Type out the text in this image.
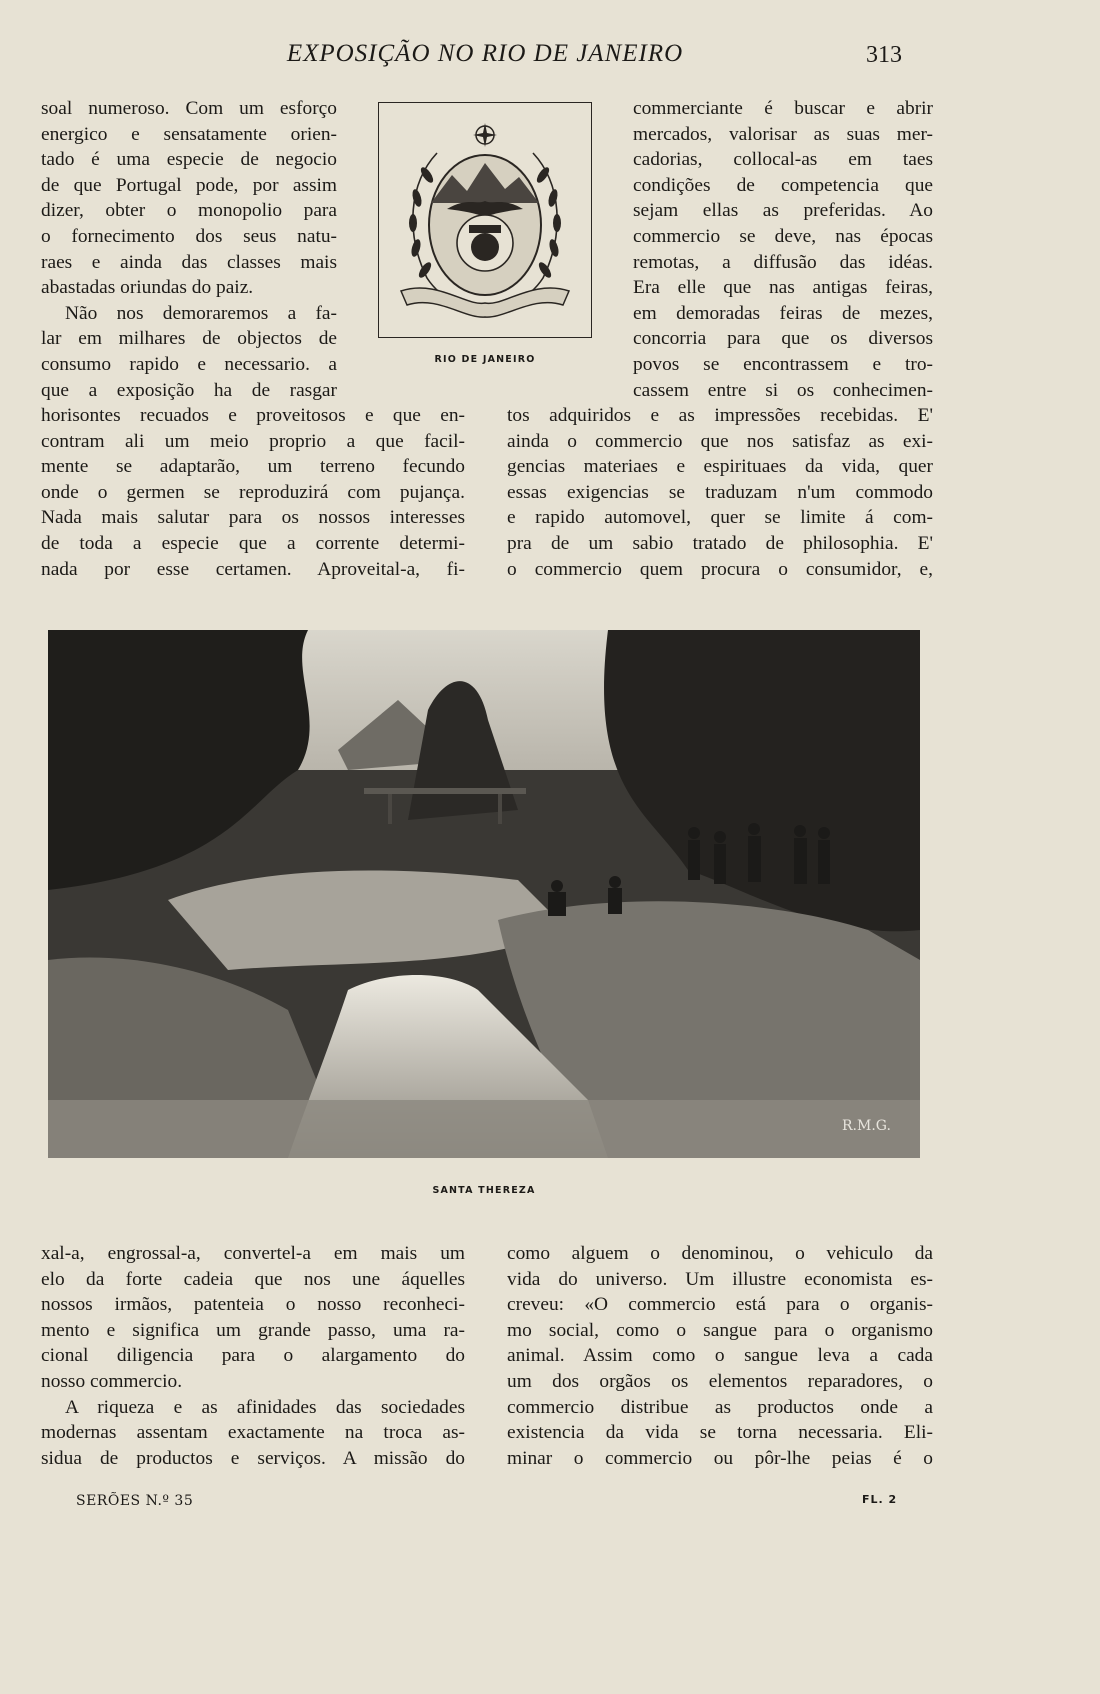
EXPOSIÇÃO NO RIO DE JANEIRO	313
soal numeroso. Com um esforço
energico e sensatamente orien-
tado é uma especie de negocio
de que Portugal pode, por assim
dizer, obter o monopolio para
o fornecimento dos seus natu-
raes e ainda das classes mais
abastadas oriundas do paiz.
Não nos demoraremos a fa-
lar em milhares de objectos de
consumo rapido e necessario. a
que a exposição ha de rasgar
horisontes recuados e proveitosos e que en-
contram ali um meio proprio a que facil-
mente se adaptarão, um terreno fecundo
onde o germen se reproduzirá com pujança.
Nada mais salutar para os nossos interesses
de toda a especie que a corrente determi-
nada por esse certamen. Aproveital-a, fi-
commerciante é buscar e abrir
mercados, valorisar as suas mer-
cadorias, collocal-as em taes
condições de competencia que
sejam ellas as preferidas. Ao
commercio se deve, nas épocas
remotas, a diffusão das idéas.
Era elle que nas antigas feiras,
em demoradas feiras de mezes,
concorria para que os diversos
povos se encontrassem e tro-
cassem entre si os conhecimen-
tos adquiridos e as impressões recebidas. E'
ainda o commercio que nos satisfaz as exi-
gencias materiaes e espirituaes da vida, quer
essas exigencias se traduzam n'um commodo
e rapido automovel, quer se limite á com-
pra de um sabio tratado de philosophia. E'
o commercio quem procura o consumidor, e,
RIO DE JANEIRO
R.M.G.
SANTA THEREZA
xal-a, engrossal-a, convertel-a em mais um
elo da forte cadeia que nos une áquelles
nossos irmãos, patenteia o nosso reconheci-
mento e significa um grande passo, uma ra-
cional diligencia para o alargamento do
nosso commercio.
A riqueza e as afinidades das sociedades
modernas assentam exactamente na troca as-
sidua de productos e serviços. A missão do
como alguem o denominou, o vehiculo da
vida do universo. Um illustre economista es-
creveu: «O commercio está para o organis-
mo social, como o sangue para o organismo
animal. Assim como o sangue leva a cada
um dos orgãos os elementos reparadores, o
commercio distribue as productos onde a
existencia da vida se torna necessaria. Eli-
minar o commercio ou pôr-lhe peias é o
SERÕES N.º 35	FL. 2
